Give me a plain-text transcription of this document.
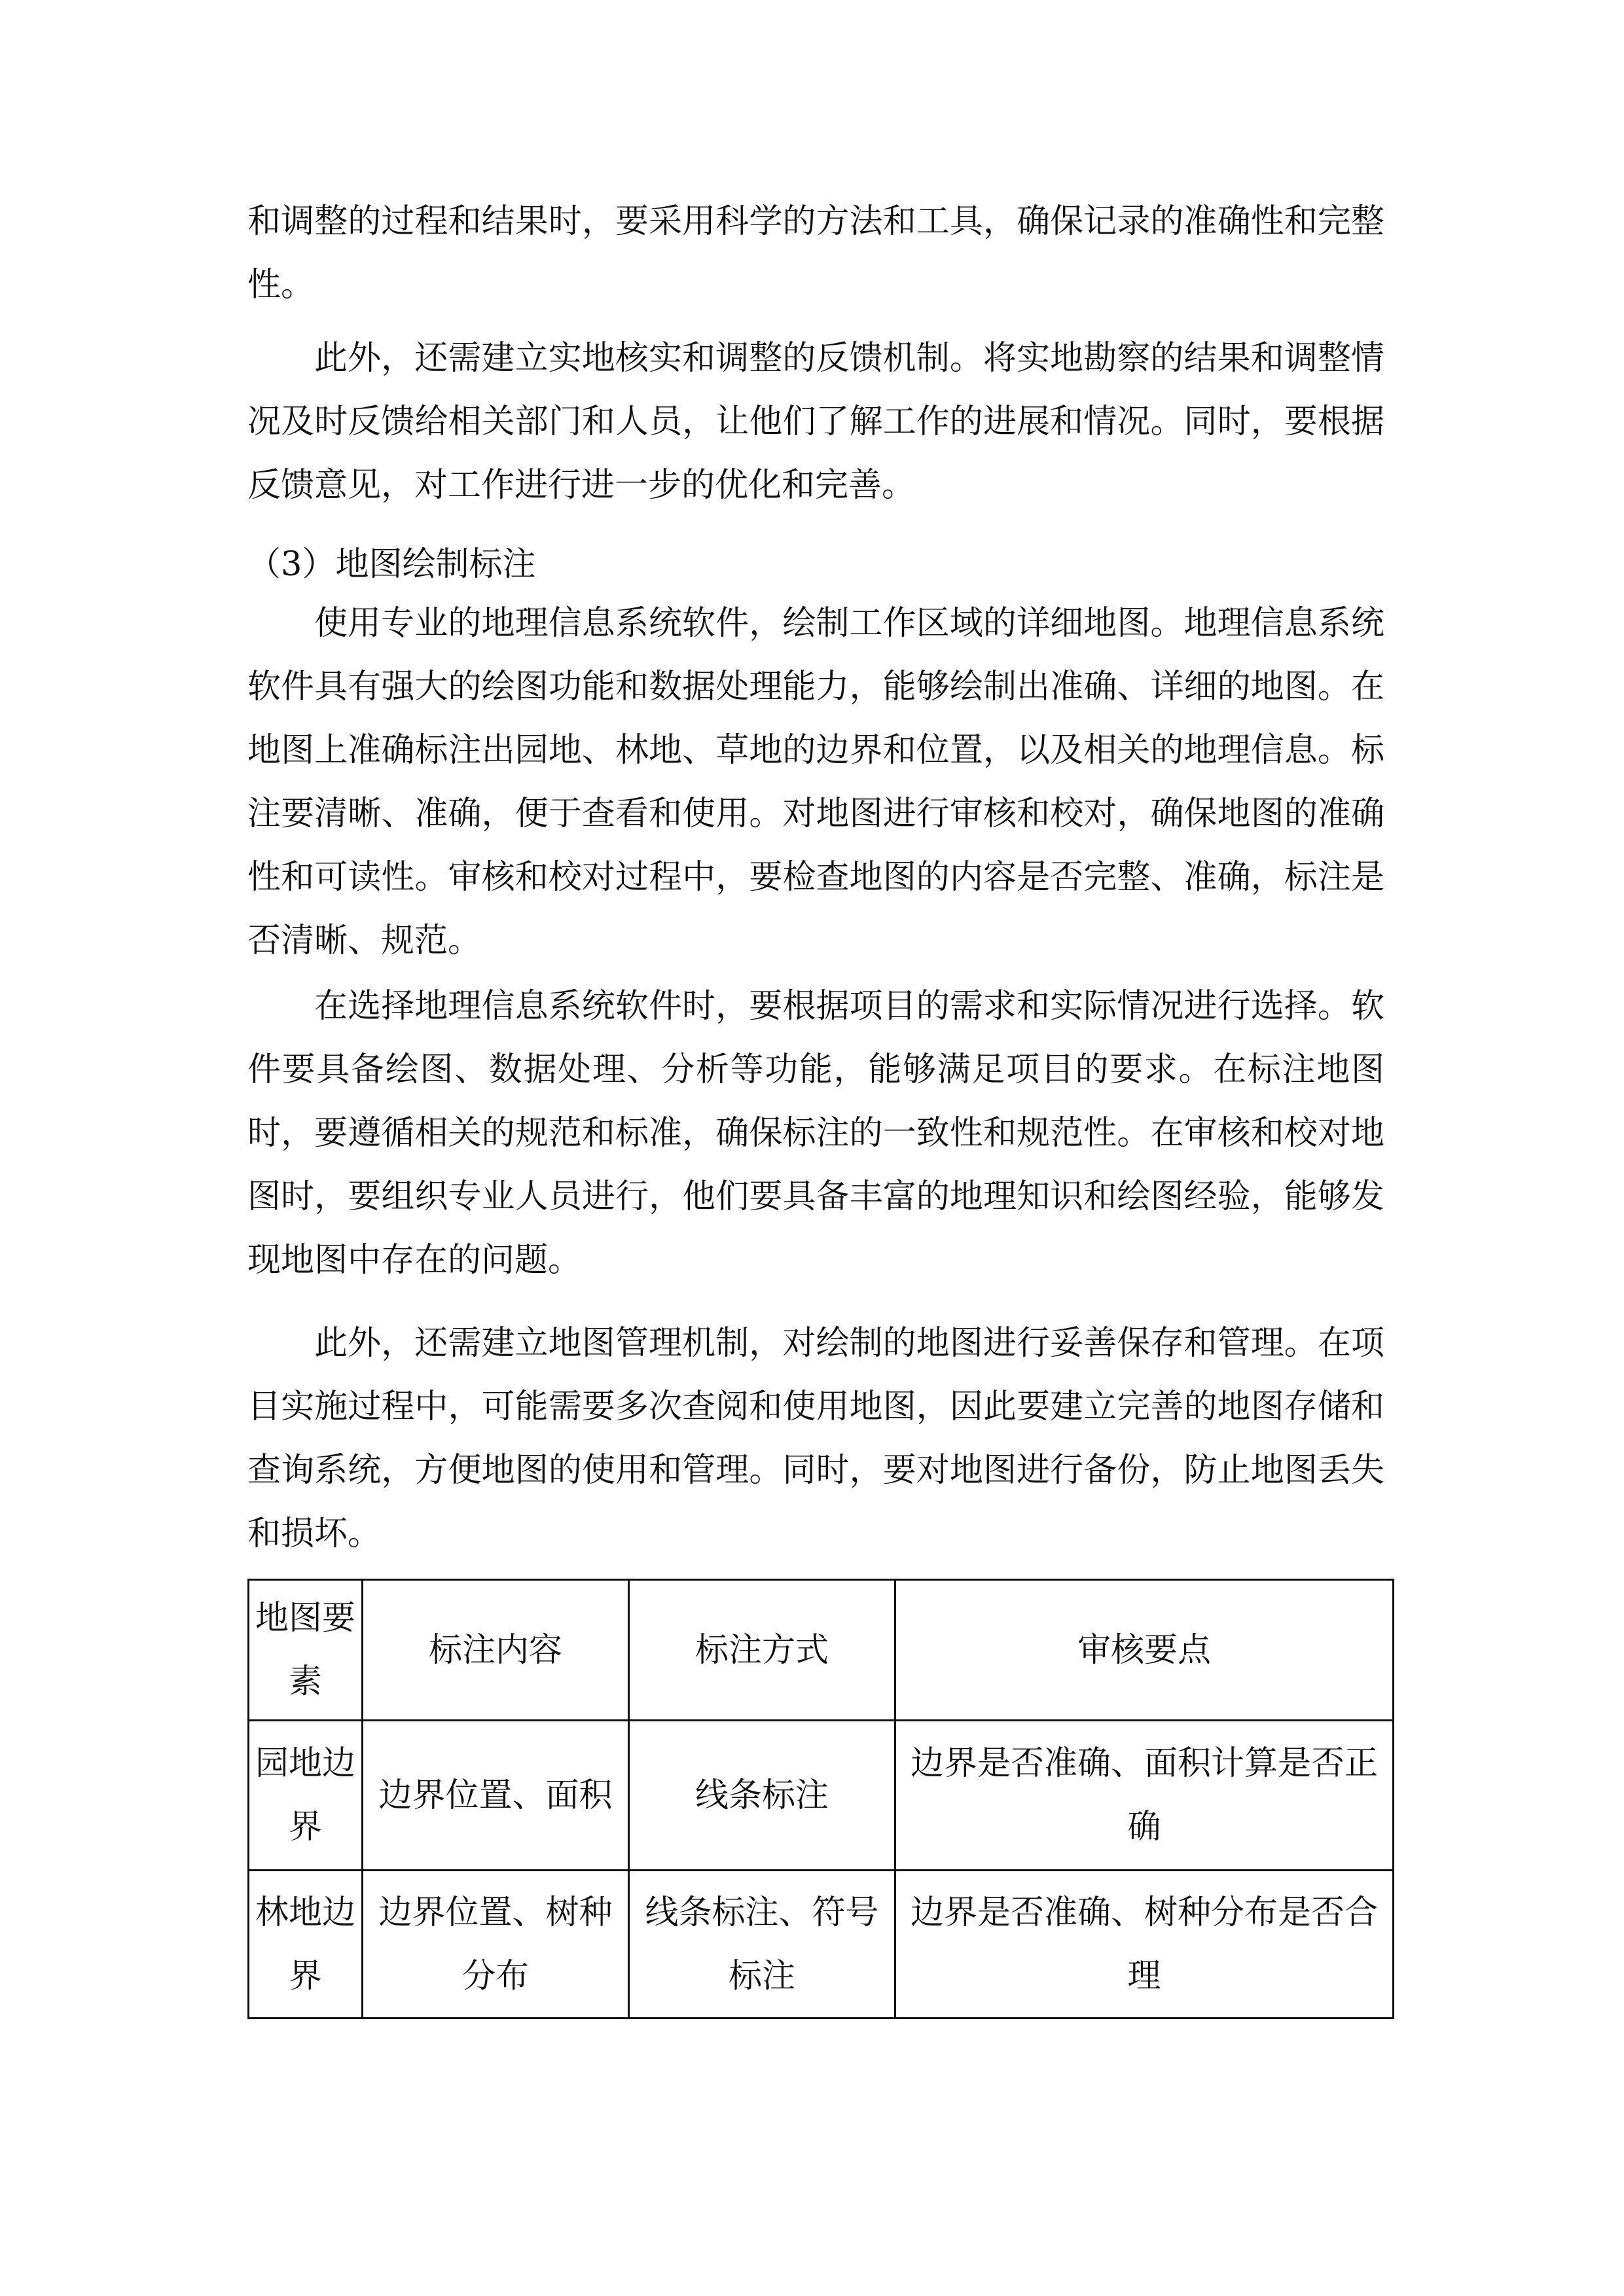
和调整的过程和结果时，要采用科学的方法和工具，确保记录的准确性和完整性。

此外，还需建立实地核实和调整的反馈机制。将实地勘察的结果和调整情况及时反馈给相关部门和人员，让他们了解工作的进展和情况。同时，要根据反馈意见，对工作进行进一步的优化和完善。

（3）地图绘制标注

使用专业的地理信息系统软件，绘制工作区域的详细地图。地理信息系统软件具有强大的绘图功能和数据处理能力，能够绘制出准确、详细的地图。在地图上准确标注出园地、林地、草地的边界和位置，以及相关的地理信息。标注要清晰、准确，便于查看和使用。对地图进行审核和校对，确保地图的准确性和可读性。审核和校对过程中，要检查地图的内容是否完整、准确，标注是否清晰、规范。

在选择地理信息系统软件时，要根据项目的需求和实际情况进行选择。软件要具备绘图、数据处理、分析等功能，能够满足项目的要求。在标注地图时，要遵循相关的规范和标准，确保标注的一致性和规范性。在审核和校对地图时，要组织专业人员进行，他们要具备丰富的地理知识和绘图经验，能够发现地图中存在的问题。

此外，还需建立地图管理机制，对绘制的地图进行妥善保存和管理。在项目实施过程中，可能需要多次查阅和使用地图，因此要建立完善的地图存储和查询系统，方便地图的使用和管理。同时，要对地图进行备份，防止地图丢失和损坏。

地图要素	标注内容	标注方式	审核要点
园地边界	边界位置、面积	线条标注	边界是否准确、面积计算是否正确
林地边界	边界位置、树种分布	线条标注、符号标注	边界是否准确、树种分布是否合理
